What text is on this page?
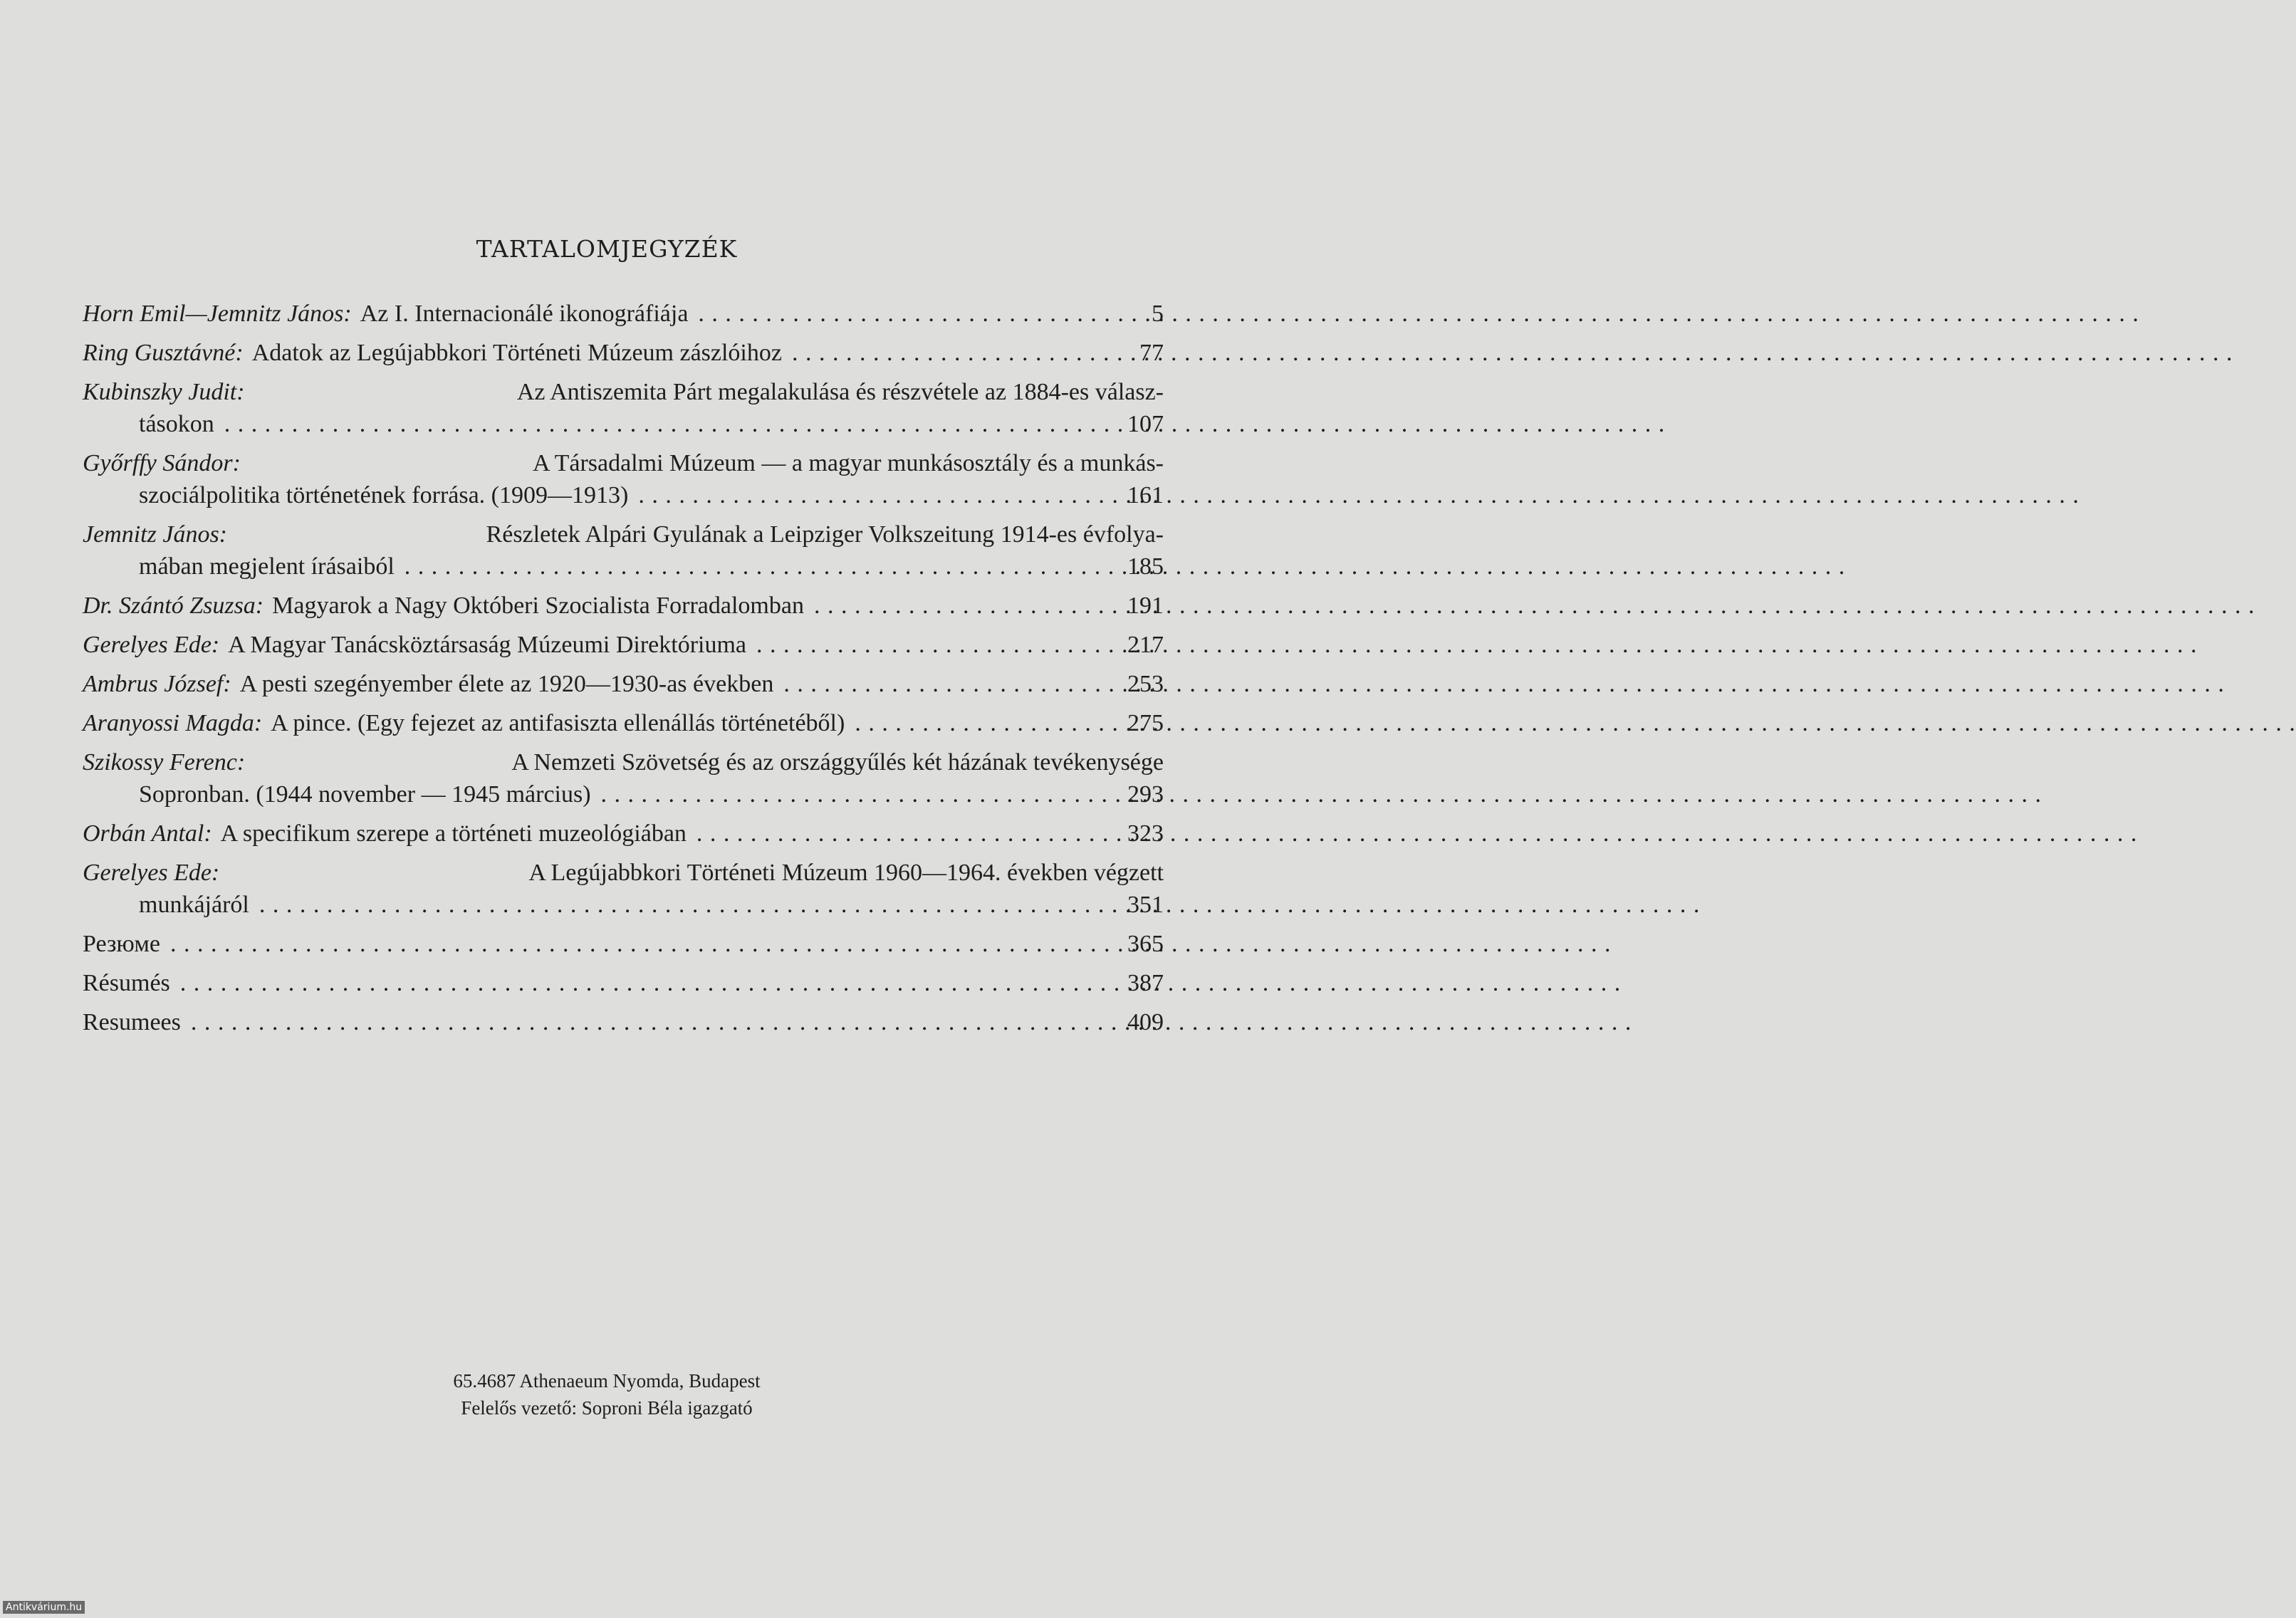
TARTALOMJEGYZÉK
Horn Emil—Jemnitz János: Az I. Internacionálé ikonográfiája . . .	5
Ring Gusztávné: Adatok az Legújabbkori Történeti Múzeum zászlóihoz . . .	77
Kubinszky Judit:	Az Antiszemita Párt megalakulása és részvétele az 1884-es válasz-
tásokon . . .	107
Győrffy Sándor:	A Társadalmi Múzeum — a magyar munkásosztály és a munkás-
szociálpolitika történetének forrása. (1909—1913) . . .	161
Jemnitz János:	Részletek Alpári Gyulának a Leipziger Volkszeitung 1914-es évfolya-
mában megjelent írásaiból . . .	185
Dr. Szántó Zsuzsa: Magyarok a Nagy Októberi Szocialista Forradalomban . . .	191
Gerelyes Ede: A Magyar Tanácsköztársaság Múzeumi Direktóriuma . . .	217
Ambrus József: A pesti szegényember élete az 1920—1930-as években . . .	253
Aranyossi Magda: A pince. (Egy fejezet az antifasiszta ellenállás történetéből) . . .	275
Szikossy Ferenc:	A Nemzeti Szövetség és az országgyűlés két házának tevékenysége
Sopronban. (1944 november — 1945 március) . . .	293
Orbán Antal: A specifikum szerepe a történeti muzeológiában . . .	323
Gerelyes Ede:	A Legújabbkori Történeti Múzeum 1960—1964. években végzett
munkájáról . . .	351
Резюме . . .	365
Résumés . . .	387
Resumees . . .	409
65.4687 Athenaeum Nyomda, Budapest
Felelős vezető: Soproni Béla igazgató
Antikvárium.hu
